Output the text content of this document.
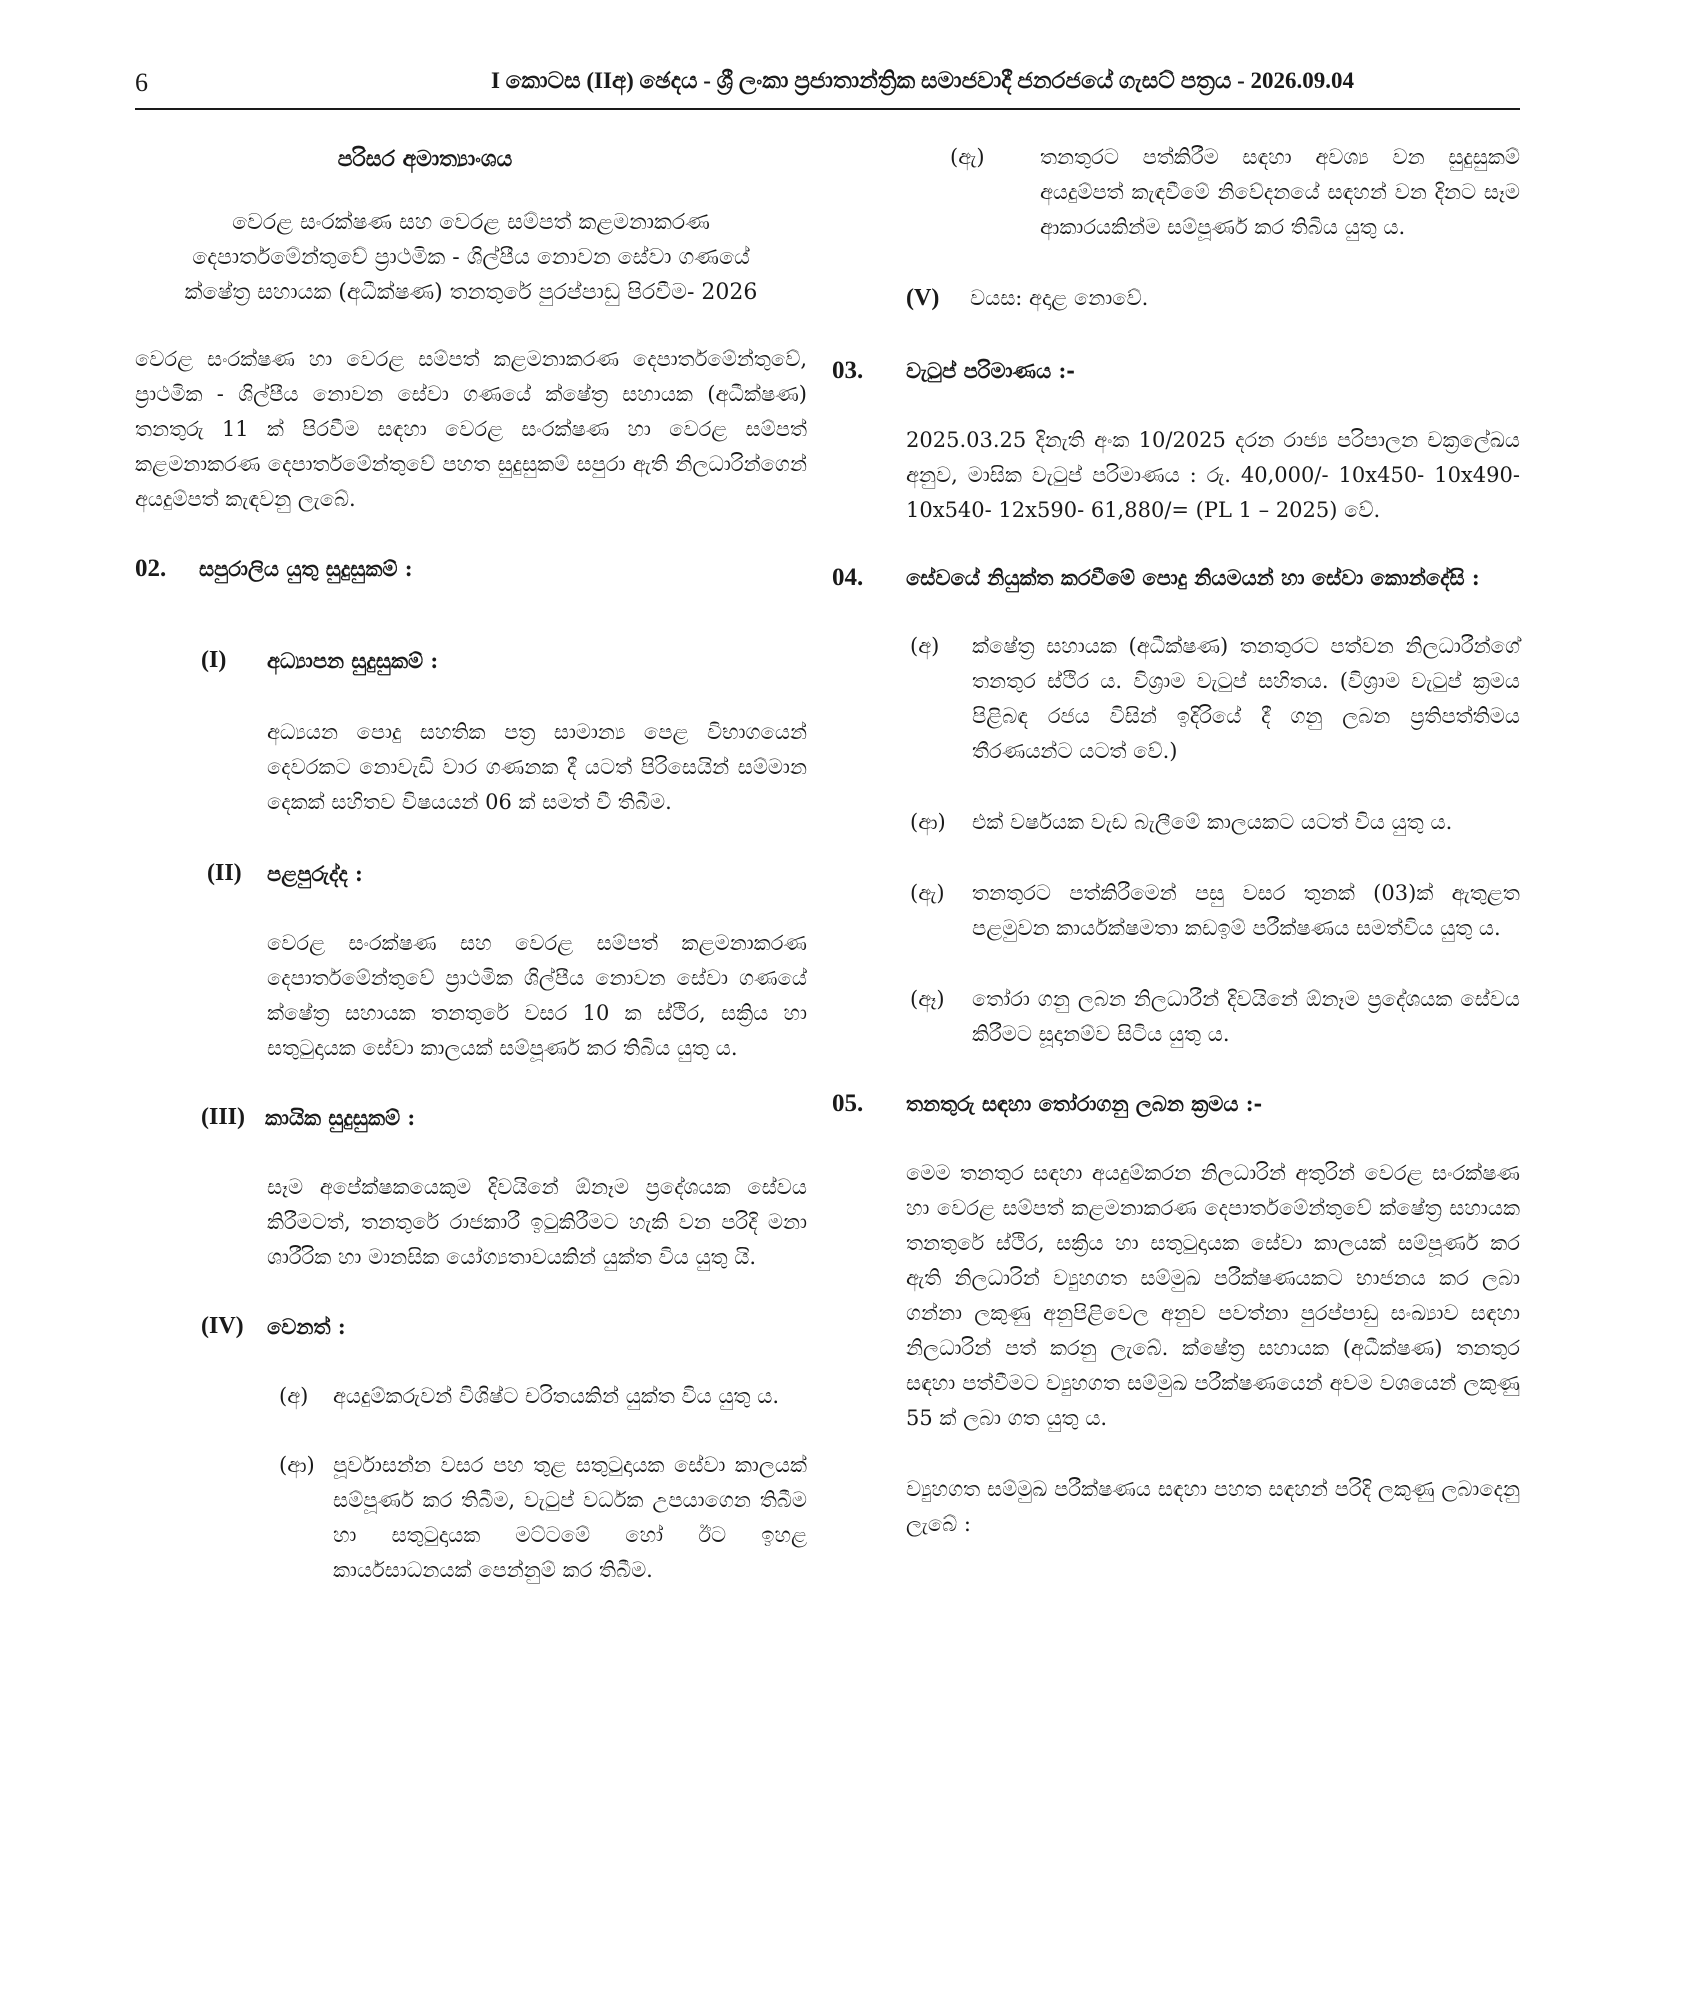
6	I කොටස (IIඅ) ඡෙදය - ශ්‍රී ලංකා ප්‍රජාතාන්ත්‍රික සමාජවාදී ජනරජයේ ගැසට් පත්‍රය - 2026.09.04

පරිසර අමාත්‍යාංශය

වෙරළ සංරක්ෂණ සහ වෙරළ සම්පත් කළමනාකරණ දෙපාර්තමේන්තුවේ ප්‍රාථමික - ශිල්පීය නොවන සේවා ගණයේ ක්ෂේත්‍ර සහායක (අධීක්ෂණ) තනතුරේ පුරප්පාඩු පිරවීම- 2026

වෙරළ සංරක්ෂණ හා වෙරළ සම්පත් කළමනාකරණ දෙපාර්තමේන්තුවේ, ප්‍රාථමික - ශිල්පීය නොවන සේවා ගණයේ ක්ෂේත්‍ර සහායක (අධීක්ෂණ) තනතුරු 11 ක් පිරවීම සඳහා වෙරළ සංරක්ෂණ හා වෙරළ සම්පත් කළමනාකරණ දෙපාර්තමේන්තුවේ පහත සුදුසුකම් සපුරා ඇති නිලධාරින්ගෙන් අයදුම්පත් කැඳවනු ලැබේ.

02. සපුරාලිය යුතු සුදුසුකම් :
(I) අධ්‍යාපන සුදුසුකම් :

අධ්‍යයන පොදු සහතික පත්‍ර සාමාන්‍ය පෙළ විභාගයෙන් දෙවරකට නොවැඩි වාර ගණනක දී යටත් පිරිසෙයින් සම්මාන දෙකක් සහිතව විෂයයන් 06 ක් සමත් වී තිබීම.

(II) පළපුරුද්ද :

වෙරළ සංරක්ෂණ සහ වෙරළ සම්පත් කළමනාකරණ දෙපාර්තමේන්තුවේ ප්‍රාථමික ශිල්පීය නොවන සේවා ගණයේ ක්ෂේත්‍ර සහායක තනතුරේ වසර 10 ක ස්ථිර, සක්‍රිය හා සතුටුදායක සේවා කාලයක් සම්පූර්ණ කර තිබිය යුතු ය.

(III) කායික සුදුසුකම් :

සෑම අපේක්ෂකයෙකුම දිවයිනේ ඕනෑම ප්‍රදේශයක සේවය කිරීමටත්, තනතුරේ රාජකාරී ඉටුකිරීමට හැකි වන පරිදි මනා ශාරීරික හා මානසික යෝග්‍යතාවයකින් යුක්ත විය යුතු යි.

(IV) වෙනත් :
(අ) අයදුම්කරුවන් විශිෂ්ට චරිතයකින් යුක්ත විය යුතු ය.

(ආ) පූර්වාසන්න වසර පහ තුළ සතුටුදායක සේවා කාලයක් සම්පූර්ණ කර තිබීම, වැටුප් වර්ධක උපයාගෙන තිබීම හා සතුටුදායක මට්ටමේ හෝ ඊට ඉහළ කාර්යසාධනයක් පෙන්නුම් කර තිබීම.

(ඇ)	තනතුරට පත්කිරීම සඳහා අවශ්‍ය වන සුදුසුකම් අයදුම්පත් කැඳවීමේ නිවේදනයේ සඳහන් වන දිනට සෑම ආකාරයකින්ම සම්පූර්ණ කර තිබිය යුතු ය.

(V) වයස: අදාළ නොවේ.
03. වැටුප් පරිමාණය :-

2025.03.25 දිනැති අංක 10/2025 දරන රාජ්‍ය පරිපාලන චක්‍රලේඛය අනුව, මාසික වැටුප් පරිමාණය : රු. 40,000/- 10x450- 10x490- 10x540- 12x590- 61,880/= (PL 1 – 2025) වේ.

04. සේවයේ නියුක්ත කරවීමේ පොදු නියමයන් හා සේවා කොන්දේසි :

(අ) ක්ෂේත්‍ර සහායක (අධීක්ෂණ) තනතුරට පත්වන නිලධාරීන්ගේ තනතුර ස්ථිර ය. විශ්‍රාම වැටුප් සහිතය. (විශ්‍රාම වැටුප් ක්‍රමය පිළිබඳ රජය විසින් ඉදිරියේ දී ගනු ලබන ප්‍රතිපත්තිමය තීරණයන්ට යටත් වේ.)

(ආ) එක් වර්ෂයක වැඩ බැලීමේ කාලයකට යටත් විය යුතු ය.

(ඇ) තනතුරට පත්කිරීමෙන් පසු වසර තුනක් (03)ක් ඇතුළත පළමුවන කාර්යක්ෂමතා කඩඉම් පරීක්ෂණය සමත්විය යුතු ය.

(ඈ) තෝරා ගනු ලබන නිලධාරීන් දිවයිනේ ඕනෑම ප්‍රදේශයක සේවය කිරීමට සූදානම්ව සිටිය යුතු ය.

05. තනතුරු සඳහා තෝරාගනු ලබන ක්‍රමය :-

මෙම තනතුර සඳහා අයදුම්කරන නිලධාරින් අතුරින් වෙරළ සංරක්ෂණ හා වෙරළ සම්පත් කළමනාකරණ දෙපාර්තමේන්තුවේ ක්ෂේත්‍ර සහායක තනතුරේ ස්ථිර, සක්‍රිය හා සතුටුදායක සේවා කාලයක් සම්පූර්ණ කර ඇති නිලධාරින් ව්‍යුහගත සම්මුඛ පරීක්ෂණයකට භාජනය කර ලබා ගන්නා ලකුණු අනුපිළිවෙල අනුව පවත්නා පුරප්පාඩු සංඛ්‍යාව සඳහා නිලධාරින් පත් කරනු ලැබේ. ක්ෂේත්‍ර සහායක (අධීක්ෂණ) තනතුර සඳහා පත්වීමට ව්‍යුහගත සම්මුඛ පරීක්ෂණයෙන් අවම වශයෙන් ලකුණු 55 ක් ලබා ගත යුතු ය.

ව්‍යුහගත සම්මුඛ පරීක්ෂණය සඳහා පහත සඳහන් පරිදි ලකුණු ලබාදෙනු ලැබේ :
